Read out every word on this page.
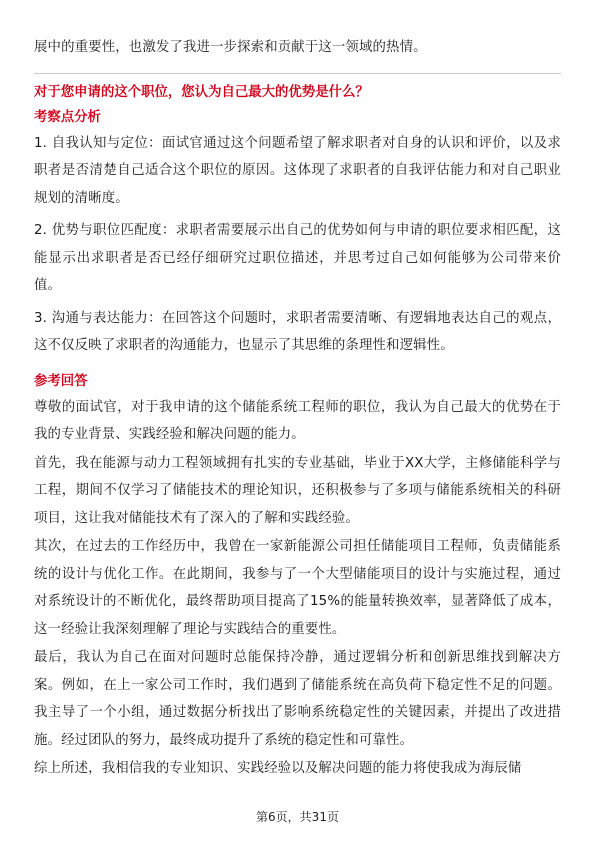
展中的重要性，也激发了我进一步探索和贡献于这一领域的热情。

对于您申请的这个职位，您认为自己最大的优势是什么？
考察点分析

1. 自我认知与定位：面试官通过这个问题希望了解求职者对自身的认识和评价，以及求职者是否清楚自己适合这个职位的原因。这体现了求职者的自我评估能力和对自己职业规划的清晰度。

2. 优势与职位匹配度：求职者需要展示出自己的优势如何与申请的职位要求相匹配，这能显示出求职者是否已经仔细研究过职位描述，并思考过自己如何能够为公司带来价值。

3. 沟通与表达能力：在回答这个问题时，求职者需要清晰、有逻辑地表达自己的观点，这不仅反映了求职者的沟通能力，也显示了其思维的条理性和逻辑性。

参考回答

尊敬的面试官，对于我申请的这个储能系统工程师的职位，我认为自己最大的优势在于我的专业背景、实践经验和解决问题的能力。

首先，我在能源与动力工程领域拥有扎实的专业基础，毕业于XX大学，主修储能科学与工程，期间不仅学习了储能技术的理论知识，还积极参与了多项与储能系统相关的科研项目，这让我对储能技术有了深入的了解和实践经验。

其次，在过去的工作经历中，我曾在一家新能源公司担任储能项目工程师，负责储能系统的设计与优化工作。在此期间，我参与了一个大型储能项目的设计与实施过程，通过对系统设计的不断优化，最终帮助项目提高了15%的能量转换效率，显著降低了成本，这一经验让我深刻理解了理论与实践结合的重要性。

最后，我认为自己在面对问题时总能保持冷静，通过逻辑分析和创新思维找到解决方案。例如，在上一家公司工作时，我们遇到了储能系统在高负荷下稳定性不足的问题。我主导了一个小组，通过数据分析找出了影响系统稳定性的关键因素，并提出了改进措施。经过团队的努力，最终成功提升了系统的稳定性和可靠性。

综上所述，我相信我的专业知识、实践经验以及解决问题的能力将使我成为海辰储

第6页，共31页
